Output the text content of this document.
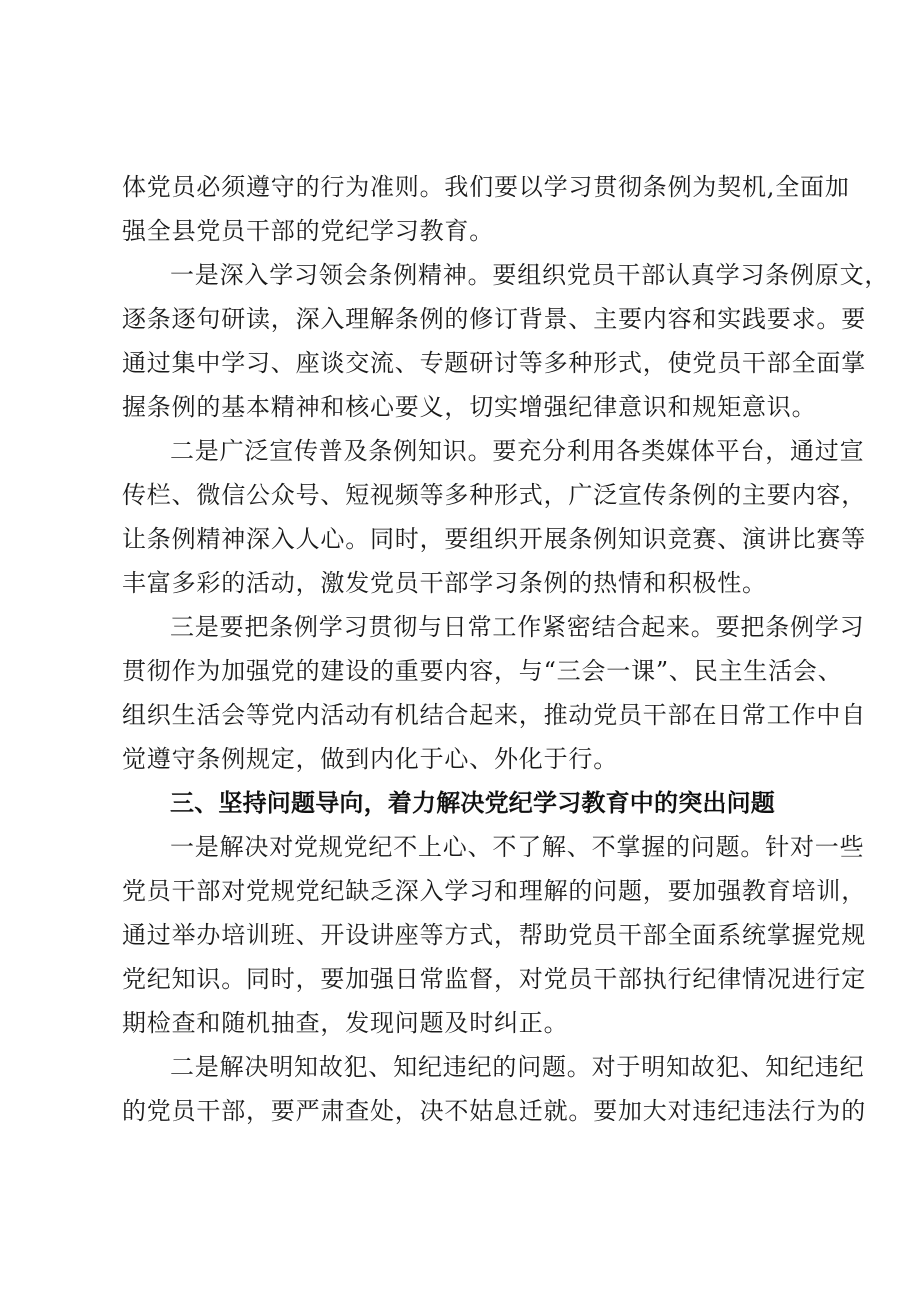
体党员必须遵守的行为准则。我们要以学习贯彻条例为契机,全面加
强全县党员干部的党纪学习教育。
一是深入学习领会条例精神。要组织党员干部认真学习条例原文，
逐条逐句研读，深入理解条例的修订背景、主要内容和实践要求。要
通过集中学习、座谈交流、专题研讨等多种形式，使党员干部全面掌
握条例的基本精神和核心要义，切实增强纪律意识和规矩意识。
二是广泛宣传普及条例知识。要充分利用各类媒体平台，通过宣
传栏、微信公众号、短视频等多种形式，广泛宣传条例的主要内容，
让条例精神深入人心。同时，要组织开展条例知识竞赛、演讲比赛等
丰富多彩的活动，激发党员干部学习条例的热情和积极性。
三是要把条例学习贯彻与日常工作紧密结合起来。要把条例学习
贯彻作为加强党的建设的重要内容，与“三会一课”、民主生活会、
组织生活会等党内活动有机结合起来，推动党员干部在日常工作中自
觉遵守条例规定，做到内化于心、外化于行。
三、坚持问题导向，着力解决党纪学习教育中的突出问题
一是解决对党规党纪不上心、不了解、不掌握的问题。针对一些
党员干部对党规党纪缺乏深入学习和理解的问题，要加强教育培训，
通过举办培训班、开设讲座等方式，帮助党员干部全面系统掌握党规
党纪知识。同时，要加强日常监督，对党员干部执行纪律情况进行定
期检查和随机抽查，发现问题及时纠正。
二是解决明知故犯、知纪违纪的问题。对于明知故犯、知纪违纪
的党员干部，要严肃查处，决不姑息迁就。要加大对违纪违法行为的
